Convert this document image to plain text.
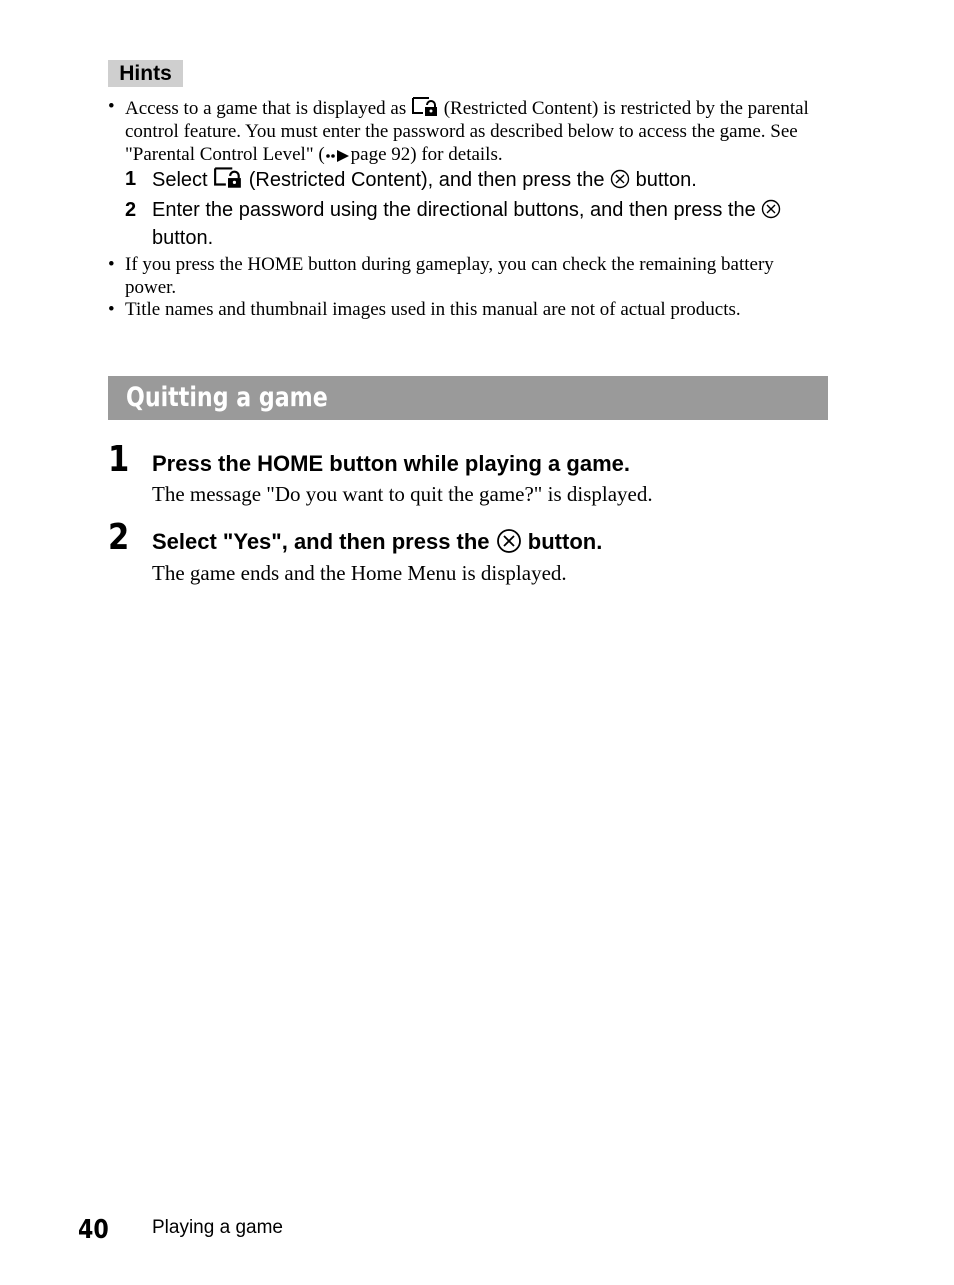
Hints
• Access to a game that is displayed as  (Restricted Content) is restricted by the parental control feature. You must enter the password as described below to access the game. See "Parental Control Level" ( page 92) for details.
1 Select  (Restricted Content), and then press the  button.
2 Enter the password using the directional buttons, and then press the
button.
• If you press the HOME button during gameplay, you can check the remaining battery power.
• Title names and thumbnail images used in this manual are not of actual products.
Quitting a game
1 Press the HOME button while playing a game.
The message "Do you want to quit the game?" is displayed.
2 Select "Yes", and then press the button.
The game ends and the Home Menu is displayed.
40 Playing a game
